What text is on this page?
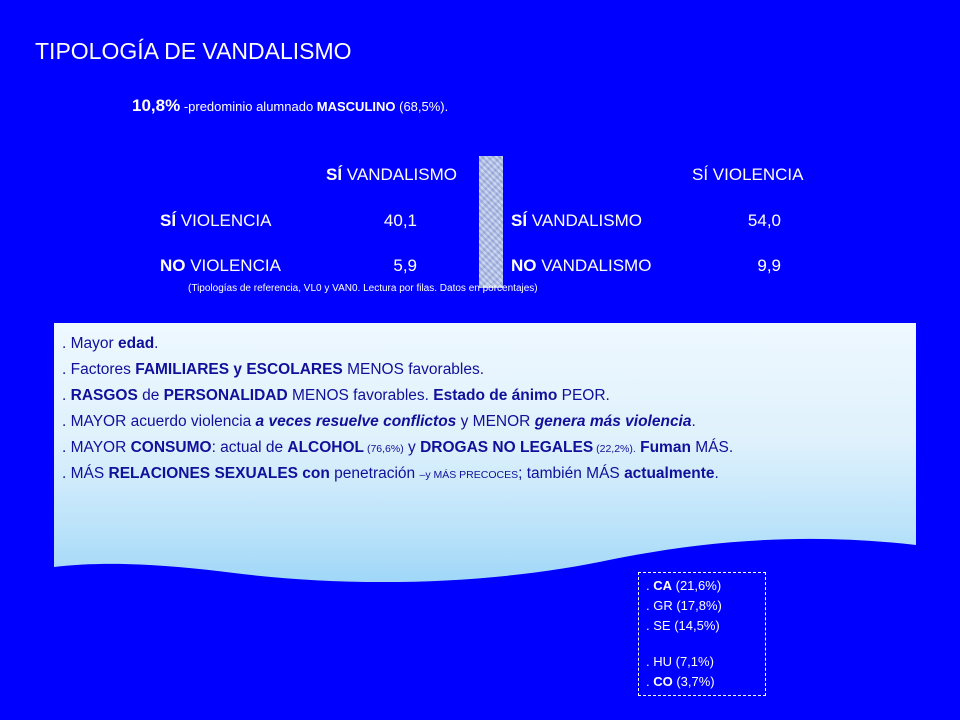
TIPOLOGÍA DE VANDALISMO
10,8% -predominio alumnado MASCULINO (68,5%).
SÍ VANDALISMO	SÍ VIOLENCIA
SÍ VIOLENCIA	40,1
NO VIOLENCIA	5,9
SÍ VANDALISMO	54,0
NO VANDALISMO	9,9
(Tipologías de referencia, VL0 y VAN0. Lectura por filas. Datos en porcentajes)
. Mayor edad.
. Factores FAMILIARES y ESCOLARES MENOS favorables.
. RASGOS de PERSONALIDAD MENOS favorables. Estado de ánimo PEOR.
. MAYOR acuerdo violencia a veces resuelve conflictos y MENOR genera más violencia.
. MAYOR CONSUMO: actual de ALCOHOL (76,6%) y DROGAS NO LEGALES (22,2%). Fuman MÁS.
. MÁS RELACIONES SEXUALES con penetración –y MÁS PRECOCES; también MÁS actualmente.
. CA (21,6%)
. GR (17,8%)
. SE (14,5%)
. HU (7,1%)
. CO (3,7%)
